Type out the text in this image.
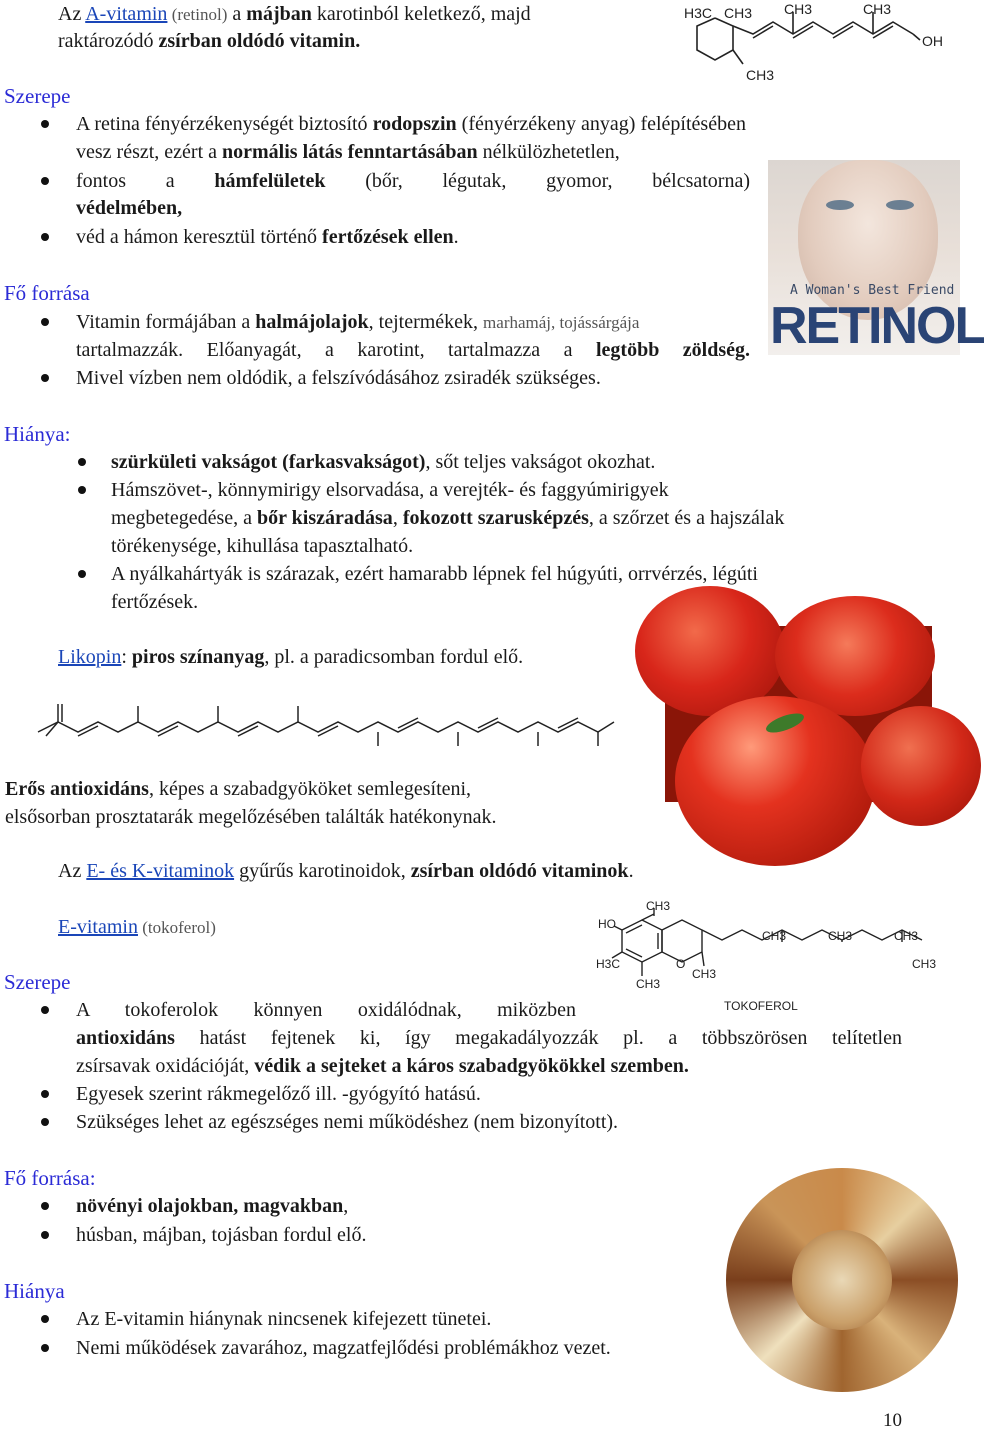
Az A-vitamin (retinol) a májban karotinból keletkező, majd
raktározódó zsírban oldódó vitamin.
H3C CH3 CH3	CH3
CH3
OH
Szerepe
A retina fényérzékenységét biztosító rodopszin (fényérzékeny anyag) felépítésében
vesz részt, ezért a normális látás fenntartásában nélkülözhetetlen,
fontos a hámfelületek (bőr, légutak, gyomor, bélcsatorna)
védelmében,
véd a hámon keresztül történő fertőzések ellen.
A Woman's Best Friend
RETINOL
Fő forrása
Vitamin formájában a halmájolajok, tejtermékek, marhamáj, tojássárgája
tartalmazzák. Előanyagát, a karotint, tartalmazza a legtöbb zöldség.
Mivel vízben nem oldódik, a felszívódásához zsiradék szükséges.
Hiánya:
szürkületi vakságot (farkasvakságot), sőt teljes vakságot okozhat.
Hámszövet-, könnymirigy elsorvadása, a verejték- és faggyúmirigyek
megbetegedése, a bőr kiszáradása, fokozott szarusképzés, a szőrzet és a hajszálak
törékenysége, kihullása tapasztalható.
A nyálkahártyák is szárazak, ezért hamarabb lépnek fel húgyúti, orrvérzés, légúti
fertőzések.
Likopin: piros színanyag, pl. a paradicsomban fordul elő.
Erős antioxidáns, képes a szabadgyököket semlegesíteni,
elsősorban prosztatarák megelőzésében találták hatékonynak.
Az E- és K-vitaminok gyűrűs karotinoidok, zsírban oldódó vitaminok.
E-vitamin (tokoferol)	HO
CH3
H3C
CH3
O
CH3
CH3	CH3	CH3
CH3
TOKOFEROL
Szerepe
A tokoferolok könnyen oxidálódnak, miközben
antioxidáns hatást fejtenek ki, így megakadályozzák pl. a többszörösen telítetlen
zsírsavak oxidációját, védik a sejteket a káros szabadgyökökkel szemben.
Egyesek szerint rákmegelőző ill. -gyógyító hatású.
Szükséges lehet az egészséges nemi működéshez (nem bizonyított).
Fő forrása:
növényi olajokban, magvakban,
húsban, májban, tojásban fordul elő.
Hiánya
Az E-vitamin hiánynak nincsenek kifejezett tünetei.
Nemi működések zavarához, magzatfejlődési problémákhoz vezet.
10
